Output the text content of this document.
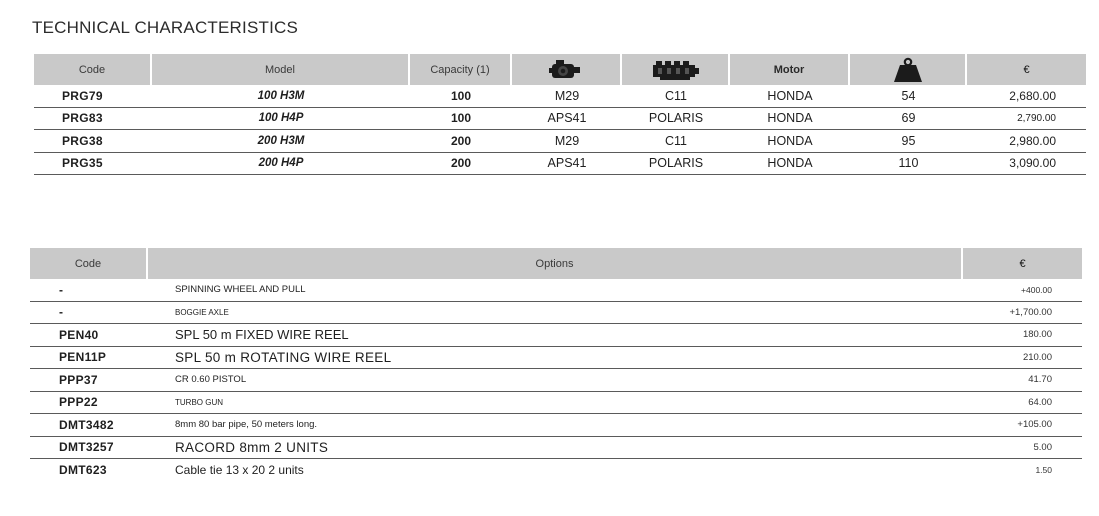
TECHNICAL CHARACTERISTICS
Code	Model	Capacity (1)			Motor		€
PRG79	100 H3M	100	M29	C11	HONDA	54	2,680.00
PRG83	100 H4P	100	APS41	POLARIS	HONDA	69	2,790.00
PRG38	200 H3M	200	M29	C11	HONDA	95	2,980.00
PRG35	200 H4P	200	APS41	POLARIS	HONDA	110	3,090.00
Code	Options	€
-	SPINNING WHEEL AND PULL	+400.00
-	BOGGIE AXLE	+1,700.00
PEN40	SPL 50 m FIXED WIRE REEL	180.00
PEN11P	SPL 50 m ROTATING WIRE REEL	210.00
PPP37	CR 0.60 PISTOL	41.70
PPP22	TURBO GUN	64.00
DMT3482	8mm 80 bar pipe, 50 meters long.	+105.00
DMT3257	RACORD 8mm 2 UNITS	5.00
DMT623	Cable tie 13 x 20 2 units	1.50
